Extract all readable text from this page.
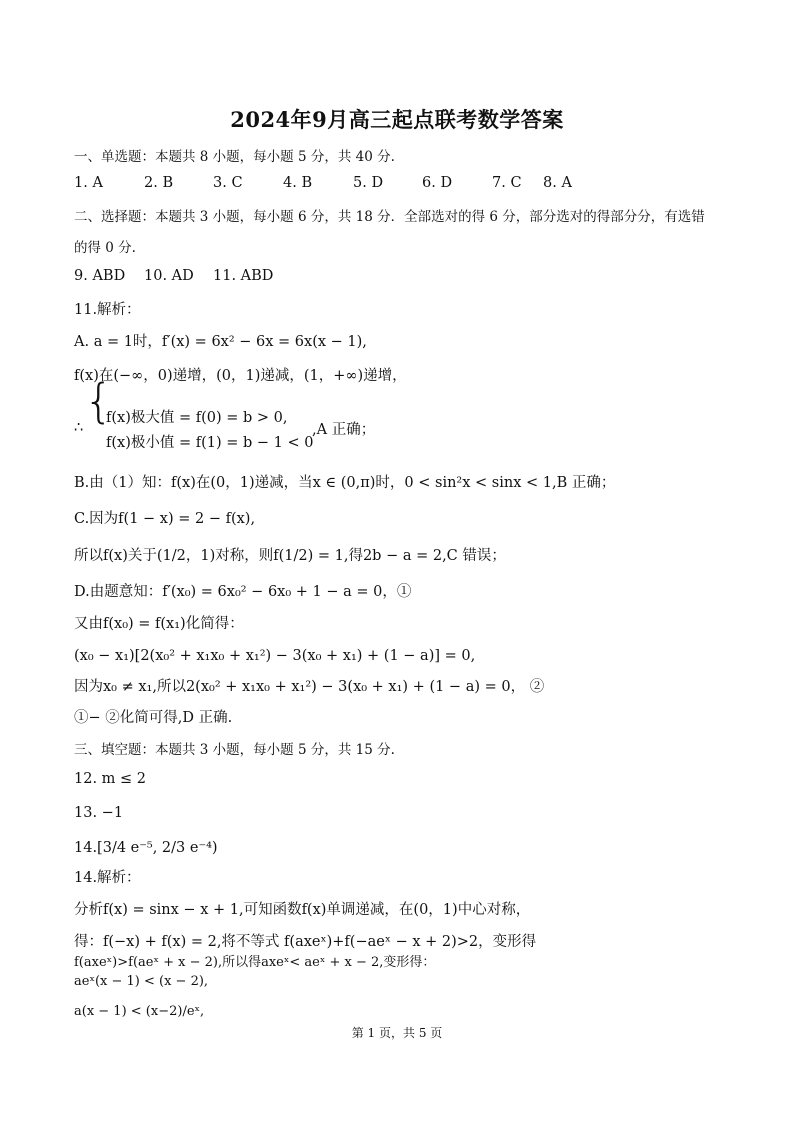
2024年9月高三起点联考数学答案
一、单选题：本题共 8 小题，每小题 5 分，共 40 分.
1. A	2. B	3. C	4. B	5. D	6. D	7. C 8. A
二、选择题：本题共 3 小题，每小题 6 分，共 18 分．全部选对的得 6 分，部分选对的得部分分，有选错
的得 0 分.
9. ABD 10. AD 11. ABD
11.解析：
A. a = 1时，f′(x) = 6x² − 6x = 6x(x − 1),
f(x)在(−∞，0)递增，(0，1)递减，(1，+∞)递增，
∴ {
f(x)极大值 = f(0) = b > 0,
f(x)极小值 = f(1) = b − 1 < 0
,A 正确；
B.由（1）知：f(x)在(0，1)递减，当x ∈ (0,π)时，0 < sin²x < sinx < 1,B 正确；
C.因为f(1 − x) = 2 − f(x),
所以f(x)关于(1/2，1)对称，则f(1/2) = 1,得2b − a = 2,C 错误；
D.由题意知：f′(x₀) = 6x₀² − 6x₀ + 1 − a = 0，①
又由f(x₀) = f(x₁)化简得：
(x₀ − x₁)[2(x₀² + x₁x₀ + x₁²) − 3(x₀ + x₁) + (1 − a)] = 0,
因为x₀ ≠ x₁,所以2(x₀² + x₁x₀ + x₁²) − 3(x₀ + x₁) + (1 − a) = 0， ②
①− ②化简可得,D 正确.
三、填空题：本题共 3 小题，每小题 5 分，共 15 分.
12. m ≤ 2
13. −1
14.[3/4 e⁻⁵, 2/3 e⁻⁴)
14.解析：
分析f(x) = sinx − x + 1,可知函数f(x)单调递减，在(0，1)中心对称，
得：f(−x) + f(x) = 2,将不等式 f(axeˣ)+f(−aeˣ − x + 2)>2，变形得
f(axeˣ)>f(aeˣ + x − 2),所以得axeˣ< aeˣ + x − 2,变形得：
aeˣ(x − 1) < (x − 2),
a(x − 1) < (x−2)/eˣ,
第 1 页，共 5 页
